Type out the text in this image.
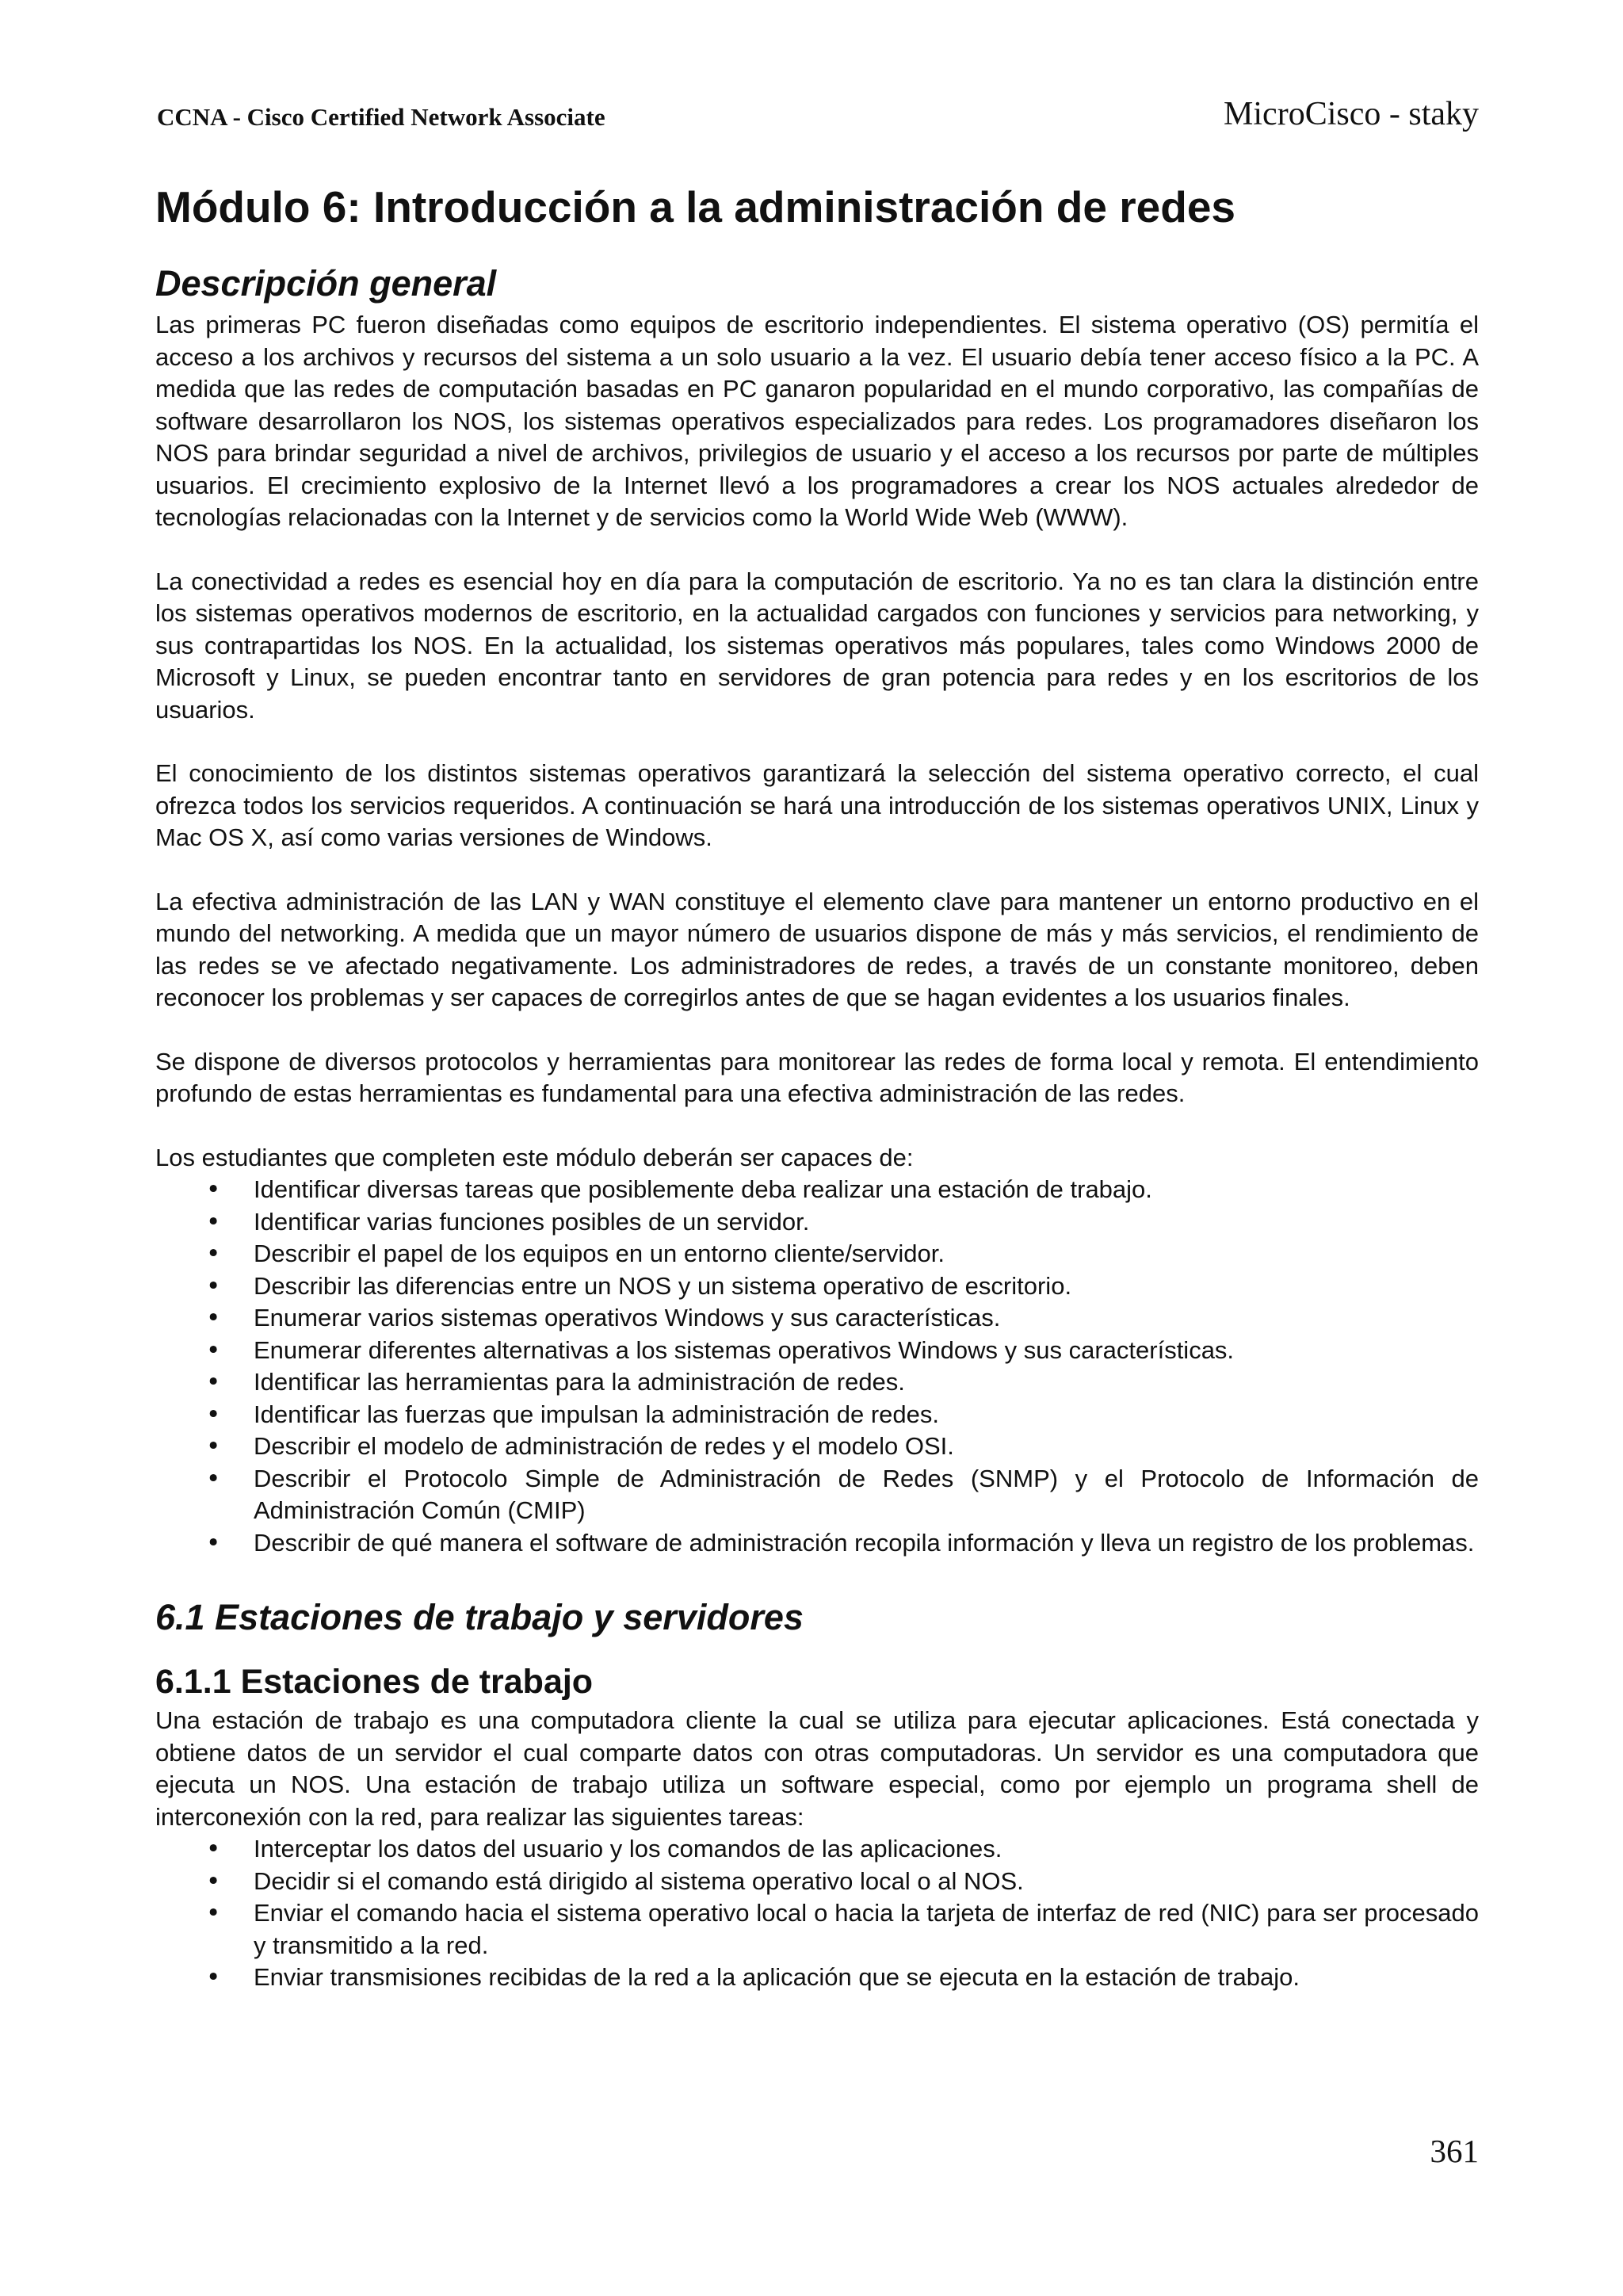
CCNA - Cisco Certified Network Associate	MicroCisco - staky
Módulo 6: Introducción a la administración de redes
Descripción general

Las primeras PC fueron diseñadas como equipos de escritorio independientes. El sistema operativo (OS) permitía el acceso a los archivos y recursos del sistema a un solo usuario a la vez. El usuario debía tener acceso físico a la PC. A medida que las redes de computación basadas en PC ganaron popularidad en el mundo corporativo, las compañías de software desarrollaron los NOS, los sistemas operativos especializados para redes. Los programadores diseñaron los NOS para brindar seguridad a nivel de archivos, privilegios de usuario y el acceso a los recursos por parte de múltiples usuarios. El crecimiento explosivo de la Internet llevó a los programadores a crear los NOS actuales alrededor de tecnologías relacionadas con la Internet y de servicios como la World Wide Web (WWW).

La conectividad a redes es esencial hoy en día para la computación de escritorio. Ya no es tan clara la distinción entre los sistemas operativos modernos de escritorio, en la actualidad cargados con funciones y servicios para networking, y sus contrapartidas los NOS. En la actualidad, los sistemas operativos más populares, tales como Windows 2000 de Microsoft y Linux, se pueden encontrar tanto en servidores de gran potencia para redes y en los escritorios de los usuarios.

El conocimiento de los distintos sistemas operativos garantizará la selección del sistema operativo correcto, el cual ofrezca todos los servicios requeridos. A continuación se hará una introducción de los sistemas operativos UNIX, Linux y Mac OS X, así como varias versiones de Windows.

La efectiva administración de las LAN y WAN constituye el elemento clave para mantener un entorno productivo en el mundo del networking. A medida que un mayor número de usuarios dispone de más y más servicios, el rendimiento de las redes se ve afectado negativamente. Los administradores de redes, a través de un constante monitoreo, deben reconocer los problemas y ser capaces de corregirlos antes de que se hagan evidentes a los usuarios finales.

Se dispone de diversos protocolos y herramientas para monitorear las redes de forma local y remota. El entendimiento profundo de estas herramientas es fundamental para una efectiva administración de las redes.

Los estudiantes que completen este módulo deberán ser capaces de:

• Identificar diversas tareas que posiblemente deba realizar una estación de trabajo.
• Identificar varias funciones posibles de un servidor.
• Describir el papel de los equipos en un entorno cliente/servidor.
• Describir las diferencias entre un NOS y un sistema operativo de escritorio.
• Enumerar varios sistemas operativos Windows y sus características.
• Enumerar diferentes alternativas a los sistemas operativos Windows y sus características.
• Identificar las herramientas para la administración de redes.
• Identificar las fuerzas que impulsan la administración de redes.
• Describir el modelo de administración de redes y el modelo OSI.
• Describir el Protocolo Simple de Administración de Redes (SNMP) y el Protocolo de Información de Administración Común (CMIP)
• Describir de qué manera el software de administración recopila información y lleva un registro de los problemas.
6.1 Estaciones de trabajo y servidores
6.1.1 Estaciones de trabajo

Una estación de trabajo es una computadora cliente la cual se utiliza para ejecutar aplicaciones. Está conectada y obtiene datos de un servidor el cual comparte datos con otras computadoras. Un servidor es una computadora que ejecuta un NOS. Una estación de trabajo utiliza un software especial, como por ejemplo un programa shell de interconexión con la red, para realizar las siguientes tareas:

• Interceptar los datos del usuario y los comandos de las aplicaciones.
• Decidir si el comando está dirigido al sistema operativo local o al NOS.
• Enviar el comando hacia el sistema operativo local o hacia la tarjeta de interfaz de red (NIC) para ser procesado y transmitido a la red.
• Enviar transmisiones recibidas de la red a la aplicación que se ejecuta en la estación de trabajo.
361
